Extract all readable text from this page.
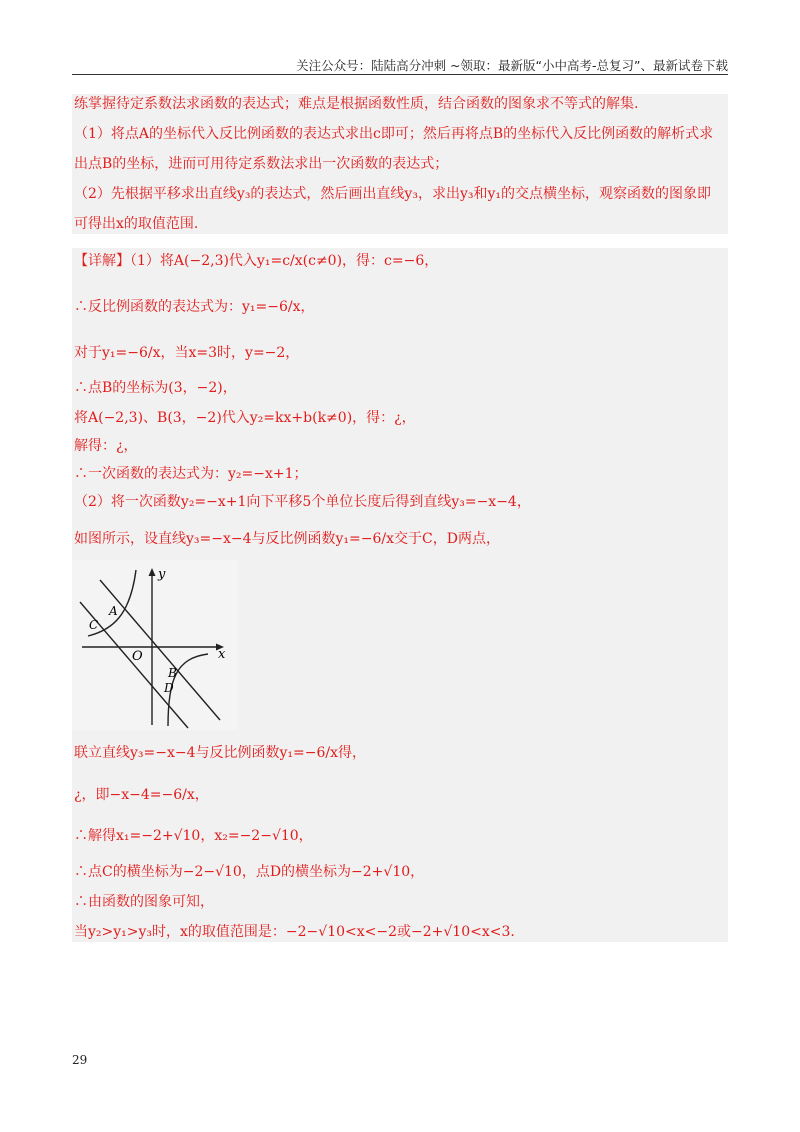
关注公众号：陆陆高分冲刺 ~领取：最新版“小中高考-总复习”、最新试卷下载
练掌握待定系数法求函数的表达式；难点是根据函数性质，结合函数的图象求不等式的解集.
（1）将点A的坐标代入反比例函数的表达式求出c即可；然后再将点B的坐标代入反比例函数的解析式求
出点B的坐标，进而可用待定系数法求出一次函数的表达式；
（2）先根据平移求出直线y₃的表达式，然后画出直线y₃，求出y₃和y₁的交点横坐标，观察函数的图象即
可得出x的取值范围.
【详解】（1）将A(−2,3)代入y₁=c/x(c≠0)，得：c=−6，
∴反比例函数的表达式为：y₁=−6/x，
对于y₁=−6/x，当x=3时，y=−2，
∴点B的坐标为(3，−2)，
将A(−2,3)、B(3，−2)代入y₂=kx+b(k≠0)，得：¿，
解得：¿，
∴一次函数的表达式为：y₂=−x+1；
（2）将一次函数y₂=−x+1向下平移5个单位长度后得到直线y₃=−x−4，
如图所示，设直线y₃=−x−4与反比例函数y₁=−6/x交于C，D两点，
y
x
O
A
B
C
D
联立直线y₃=−x−4与反比例函数y₁=−6/x得，
¿，即−x−4=−6/x，
∴解得x₁=−2+√10，x₂=−2−√10，
∴点C的横坐标为−2−√10，点D的横坐标为−2+√10，
∴由函数的图象可知，
当y₂>y₁>y₃时，x的取值范围是：−2−√10<x<−2或−2+√10<x<3.
29
